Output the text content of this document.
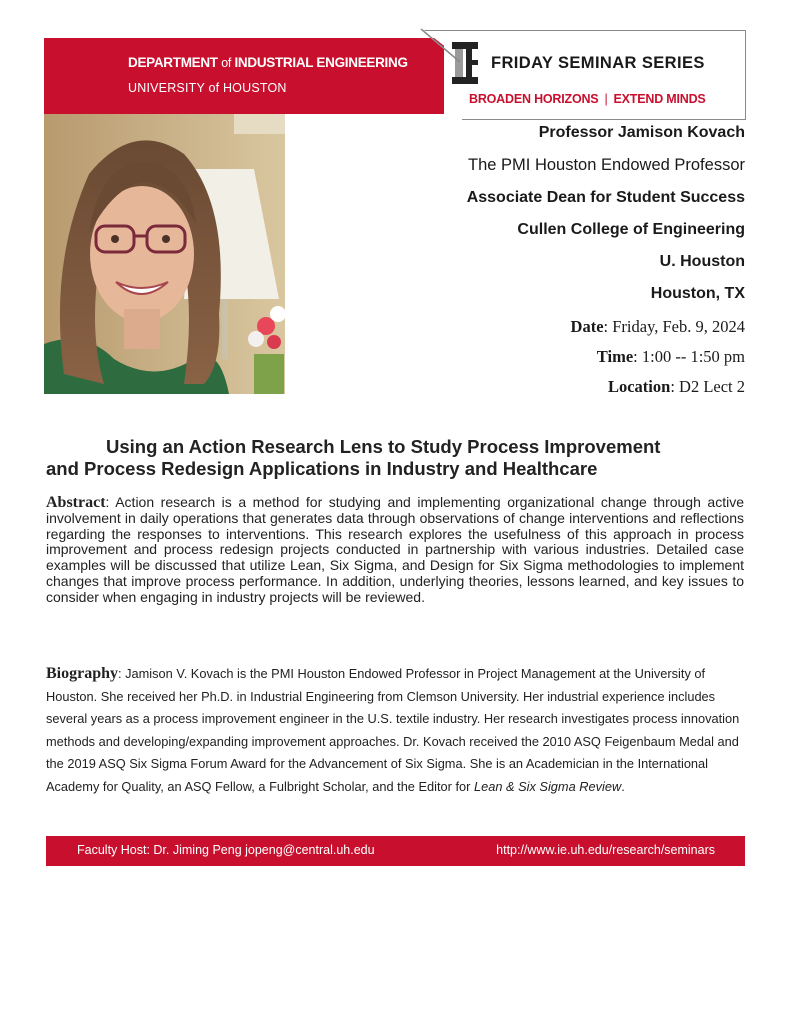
DEPARTMENT of INDUSTRIAL ENGINEERING
UNIVERSITY of HOUSTON
FRIDAY SEMINAR SERIES
BROADEN HORIZONS | EXTEND MINDS
Professor Jamison Kovach
The PMI Houston Endowed Professor
Associate Dean for Student Success
Cullen College of Engineering
U. Houston
Houston, TX
Date: Friday, Feb. 9, 2024
Time: 1:00 -- 1:50 pm
Location: D2 Lect 2
Using an Action Research Lens to Study Process Improvement
and Process Redesign Applications in Industry and Healthcare
Abstract: Action research is a method for studying and implementing organizational change through active involvement in daily operations that generates data through observations of change interventions and reflections regarding the responses to interventions. This research explores the usefulness of this approach in process improvement and process redesign projects conducted in partnership with various industries. Detailed case examples will be discussed that utilize Lean, Six Sigma, and Design for Six Sigma methodologies to implement changes that improve process performance. In addition, underlying theories, lessons learned, and key issues to consider when engaging in industry projects will be reviewed.
Biography: Jamison V. Kovach is the PMI Houston Endowed Professor in Project Management at the University of Houston. She received her Ph.D. in Industrial Engineering from Clemson University. Her industrial experience includes several years as a process improvement engineer in the U.S. textile industry. Her research investigates process innovation methods and developing/expanding improvement approaches. Dr. Kovach received the 2010 ASQ Feigenbaum Medal and the 2019 ASQ Six Sigma Forum Award for the Advancement of Six Sigma. She is an Academician in the International Academy for Quality, an ASQ Fellow, a Fulbright Scholar, and the Editor for Lean & Six Sigma Review.
Faculty Host: Dr. Jiming Peng jopeng@central.uh.edu	http://www.ie.uh.edu/research/seminars
